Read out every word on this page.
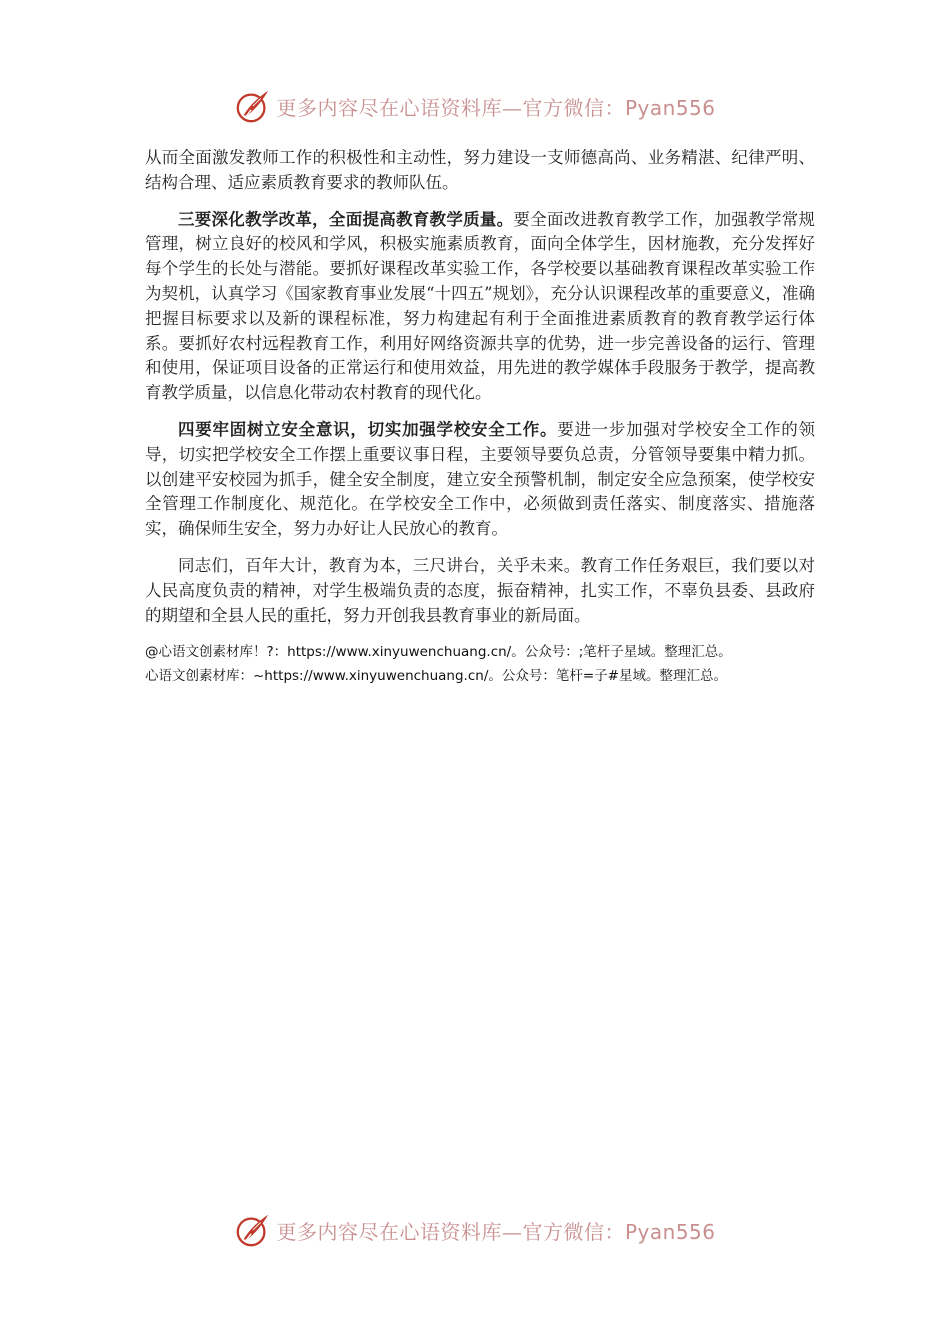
更多内容尽在心语资料库—官方微信：Pyan556

从而全面激发教师工作的积极性和主动性，努力建设一支师德高尚、业务精湛、纪律严明、结构合理、适应素质教育要求的教师队伍。

三要深化教学改革，全面提高教育教学质量。要全面改进教育教学工作，加强教学常规管理，树立良好的校风和学风，积极实施素质教育，面向全体学生，因材施教，充分发挥好每个学生的长处与潜能。要抓好课程改革实验工作，各学校要以基础教育课程改革实验工作为契机，认真学习《国家教育事业发展“十四五”规划》，充分认识课程改革的重要意义，准确把握目标要求以及新的课程标准，努力构建起有利于全面推进素质教育的教育教学运行体系。要抓好农村远程教育工作，利用好网络资源共享的优势，进一步完善设备的运行、管理和使用，保证项目设备的正常运行和使用效益，用先进的教学媒体手段服务于教学，提高教育教学质量，以信息化带动农村教育的现代化。

四要牢固树立安全意识，切实加强学校安全工作。要进一步加强对学校安全工作的领导，切实把学校安全工作摆上重要议事日程，主要领导要负总责，分管领导要集中精力抓。以创建平安校园为抓手，健全安全制度，建立安全预警机制，制定安全应急预案，使学校安全管理工作制度化、规范化。在学校安全工作中，必须做到责任落实、制度落实、措施落实，确保师生安全，努力办好让人民放心的教育。

同志们，百年大计，教育为本，三尺讲台，关乎未来。教育工作任务艰巨，我们要以对人民高度负责的精神，对学生极端负责的态度，振奋精神，扎实工作，不辜负县委、县政府的期望和全县人民的重托，努力开创我县教育事业的新局面。

@心语文创素材库！?：https://www.xinyuwenchuang.cn/。公众号：;笔杆子星域。整理汇总。
心语文创素材库：~https://www.xinyuwenchuang.cn/。公众号：笔杆=子#星域。整理汇总。
更多内容尽在心语资料库—官方微信：Pyan556
